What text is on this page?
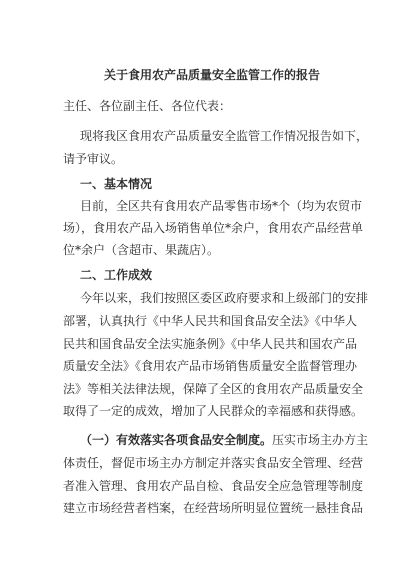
关于食用农产品质量安全监管工作的报告
主任、各位副主任、各位代表：
现将我区食用农产品质量安全监管工作情况报告如下，
请予审议。
一、基本情况
目前，全区共有食用农产品零售市场*个（均为农贸市
场），食用农产品入场销售单位*余户，食用农产品经营单
位*余户（含超市、果蔬店）。
二、工作成效
今年以来，我们按照区委区政府要求和上级部门的安排
部署，认真执行《中华人民共和国食品安全法》《中华人
民共和国食品安全法实施条例》《中华人民共和国农产品
质量安全法》《食用农产品市场销售质量安全监督管理办
法》等相关法律法规，保障了全区的食用农产品质量安全
取得了一定的成效，增加了人民群众的幸福感和获得感。
（一）有效落实各项食品安全制度。压实市场主办方主
体责任，督促市场主办方制定并落实食品安全管理、经营
者准入管理、食用农产品自检、食品安全应急管理等制度
建立市场经营者档案，在经营场所明显位置统一悬挂食品
